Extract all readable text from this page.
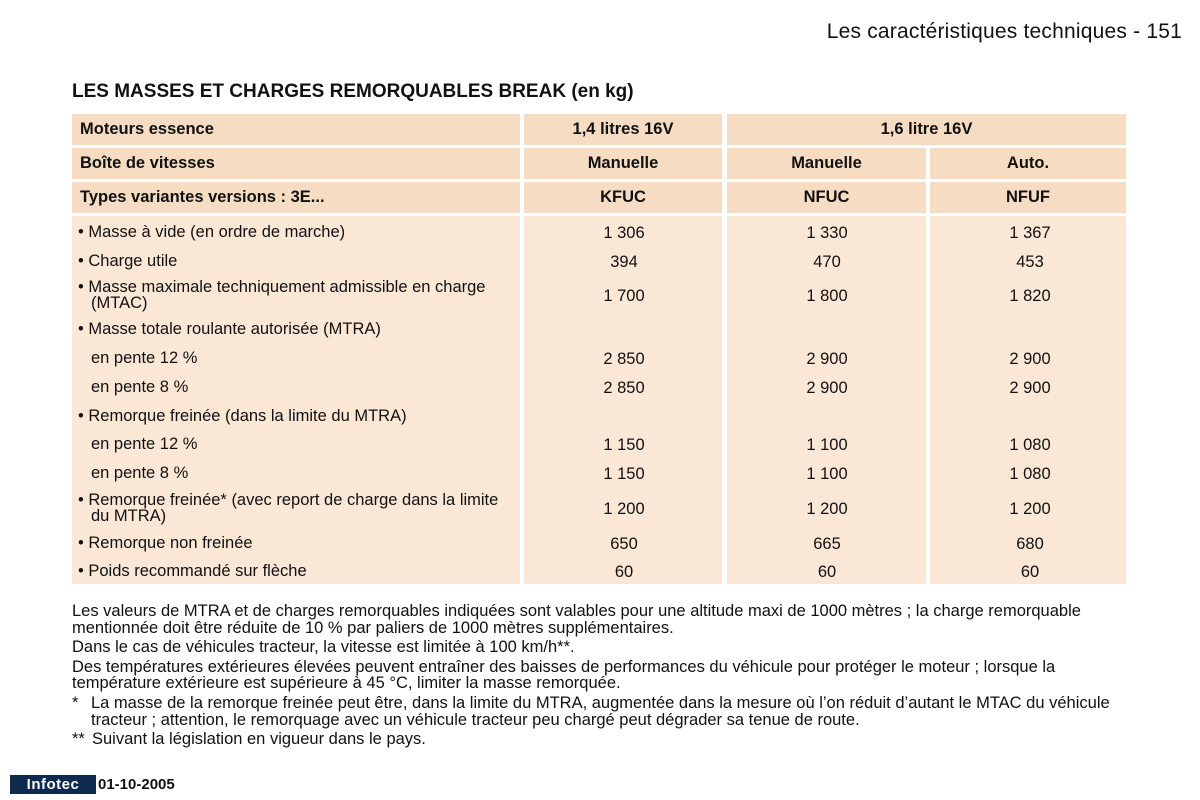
Les caractéristiques techniques - 151
LES MASSES ET CHARGES REMORQUABLES BREAK (en kg)
Moteurs essence	1,4 litres 16V	1,6 litre 16V
Boîte de vitesses	Manuelle	Manuelle	Auto.
Types variantes versions : 3E...	KFUC	NFUC	NFUF
• Masse à vide (en ordre de marche)	1 306	1 330	1 367
• Charge utile	394	470	453
• Masse maximale techniquement admissible en charge (MTAC)	1 700	1 800	1 820
• Masse totale roulante autorisée (MTRA)
en pente 12 %	2 850	2 900	2 900
en pente 8 %	2 850	2 900	2 900
• Remorque freinée (dans la limite du MTRA)
en pente 12 %	1 150	1 100	1 080
en pente 8 %	1 150	1 100	1 080
• Remorque freinée* (avec report de charge dans la limite du MTRA)	1 200	1 200	1 200
• Remorque non freinée	650	665	680
• Poids recommandé sur flèche	60	60	60

Les valeurs de MTRA et de charges remorquables indiquées sont valables pour une altitude maxi de 1000 mètres ; la charge remorquable mentionnée doit être réduite de 10 % par paliers de 1000 mètres supplémentaires.

Dans le cas de véhicules tracteur, la vitesse est limitée à 100 km/h**.

Des températures extérieures élevées peuvent entraîner des baisses de performances du véhicule pour protéger le moteur ; lorsque la température extérieure est supérieure à 45 °C, limiter la masse remorquée.

* La masse de la remorque freinée peut être, dans la limite du MTRA, augmentée dans la mesure où l’on réduit d’autant le MTAC du véhicule tracteur ; attention, le remorquage avec un véhicule tracteur peu chargé peut dégrader sa tenue de route.
** Suivant la législation en vigueur dans le pays.
Infotec	01-10-2005
